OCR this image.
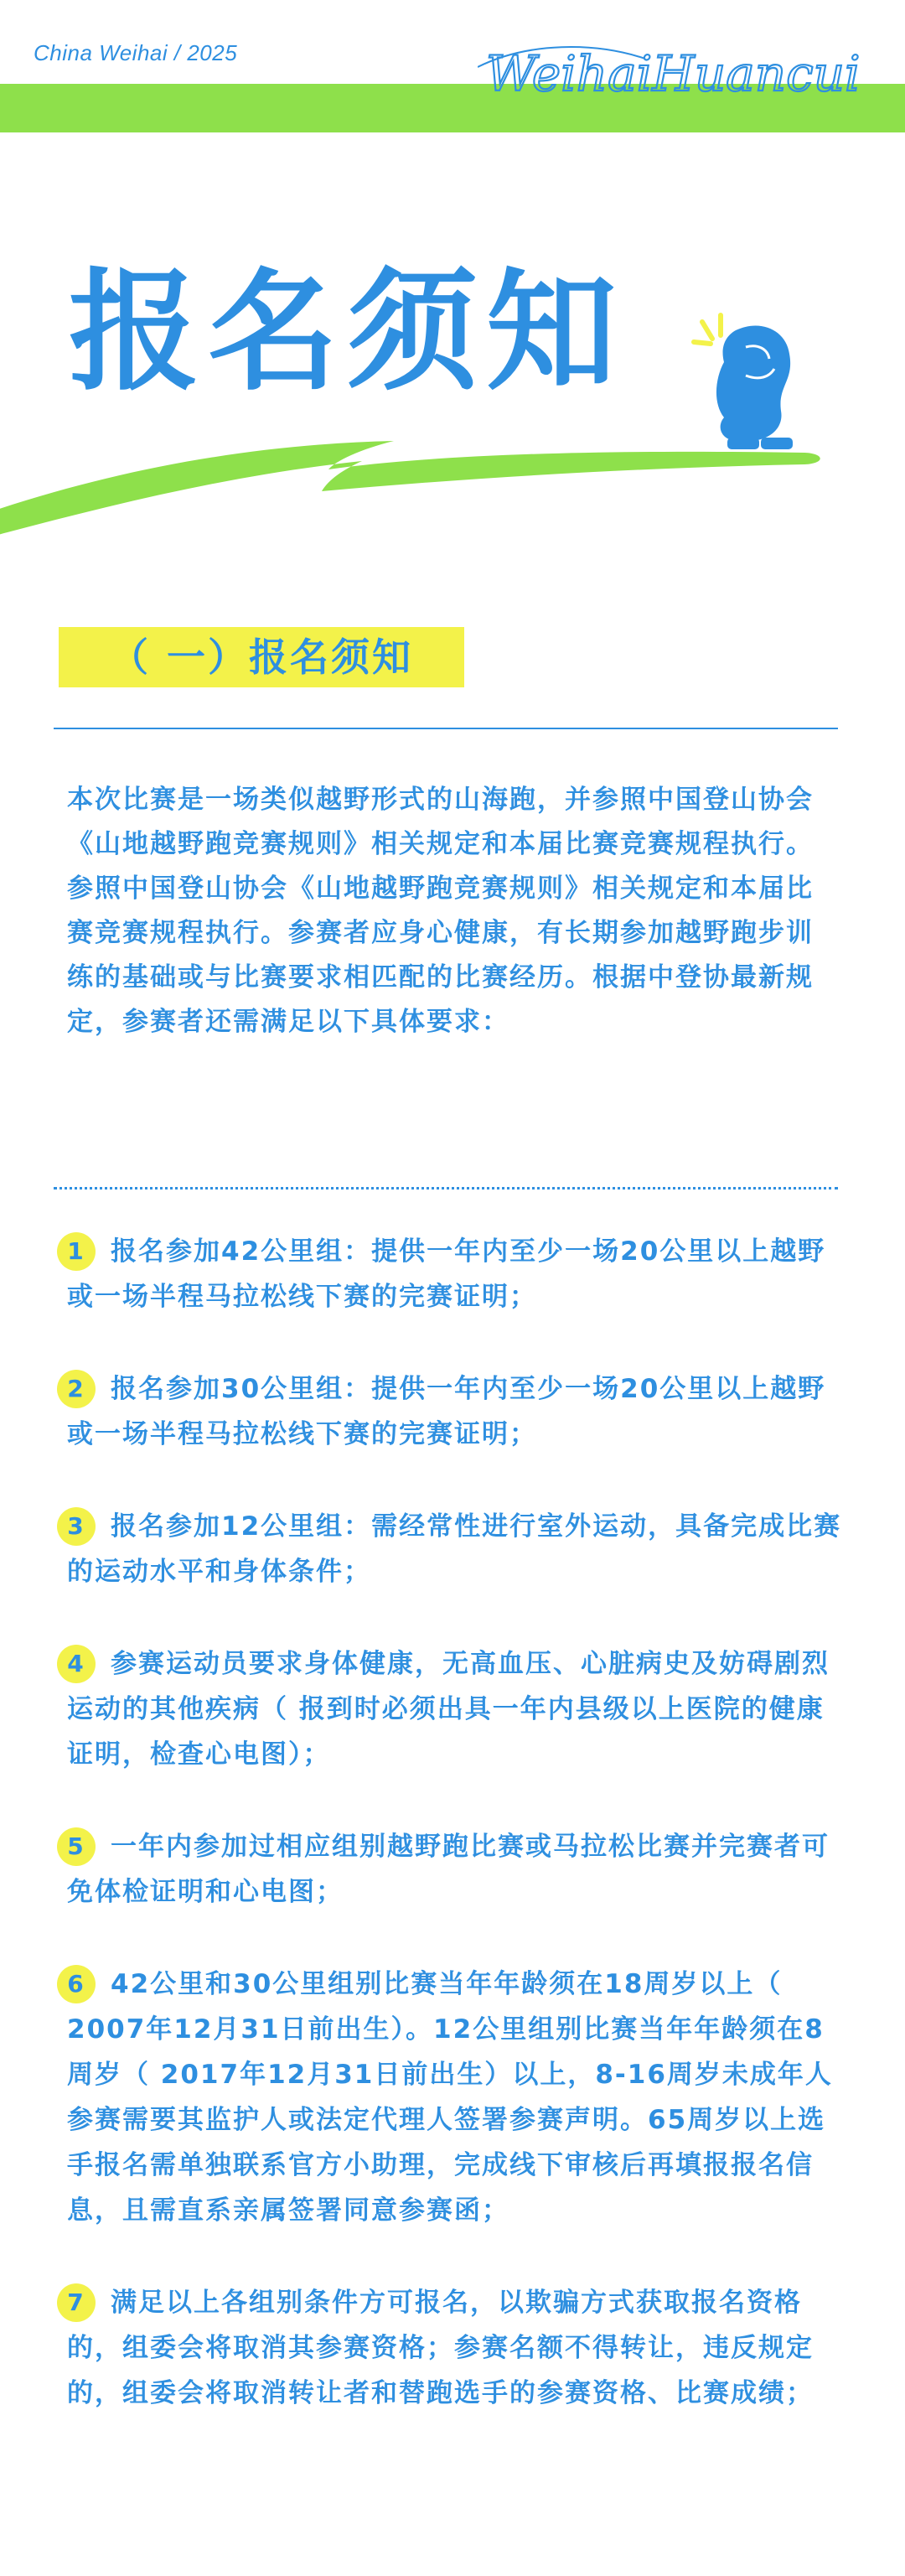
China Weihai / 2025	WeihaiHuancui
报名须知
（ 一）报名须知

本次比赛是一场类似越野形式的山海跑，并参照中国登山协会《山地越野跑竞赛规则》相关规定和本届比赛竞赛规程执行。

参照中国登山协会《山地越野跑竞赛规则》相关规定和本届比赛竞赛规程执行。参赛者应身心健康，有长期参加越野跑步训练的基础或与比赛要求相匹配的比赛经历。根据中登协最新规定，参赛者还需满足以下具体要求：

1 报名参加42公里组：提供一年内至少一场20公里以上越野或一场半程马拉松线下赛的完赛证明；
2 报名参加30公里组：提供一年内至少一场20公里以上越野或一场半程马拉松线下赛的完赛证明；
3 报名参加12公里组：需经常性进行室外运动，具备完成比赛的运动水平和身体条件；
4 参赛运动员要求身体健康，无高血压、心脏病史及妨碍剧烈运动的其他疾病（ 报到时必须出具一年内县级以上医院的健康证明，检查心电图）；
5 一年内参加过相应组别越野跑比赛或马拉松比赛并完赛者可免体检证明和心电图；
6 42公里和30公里组别比赛当年年龄须在18周岁以上（ 2007年12月31日前出生）。12公里组别比赛当年年龄须在8周岁（ 2017年12月31日前出生）以上，8-16周岁未成年人参赛需要其监护人或法定代理人签署参赛声明。65周岁以上选手报名需单独联系官方小助理，完成线下审核后再填报报名信息，且需直系亲属签署同意参赛函；
7 满足以上各组别条件方可报名，以欺骗方式获取报名资格的，组委会将取消其参赛资格；参赛名额不得转让，违反规定的，组委会将取消转让者和替跑选手的参赛资格、比赛成绩；
